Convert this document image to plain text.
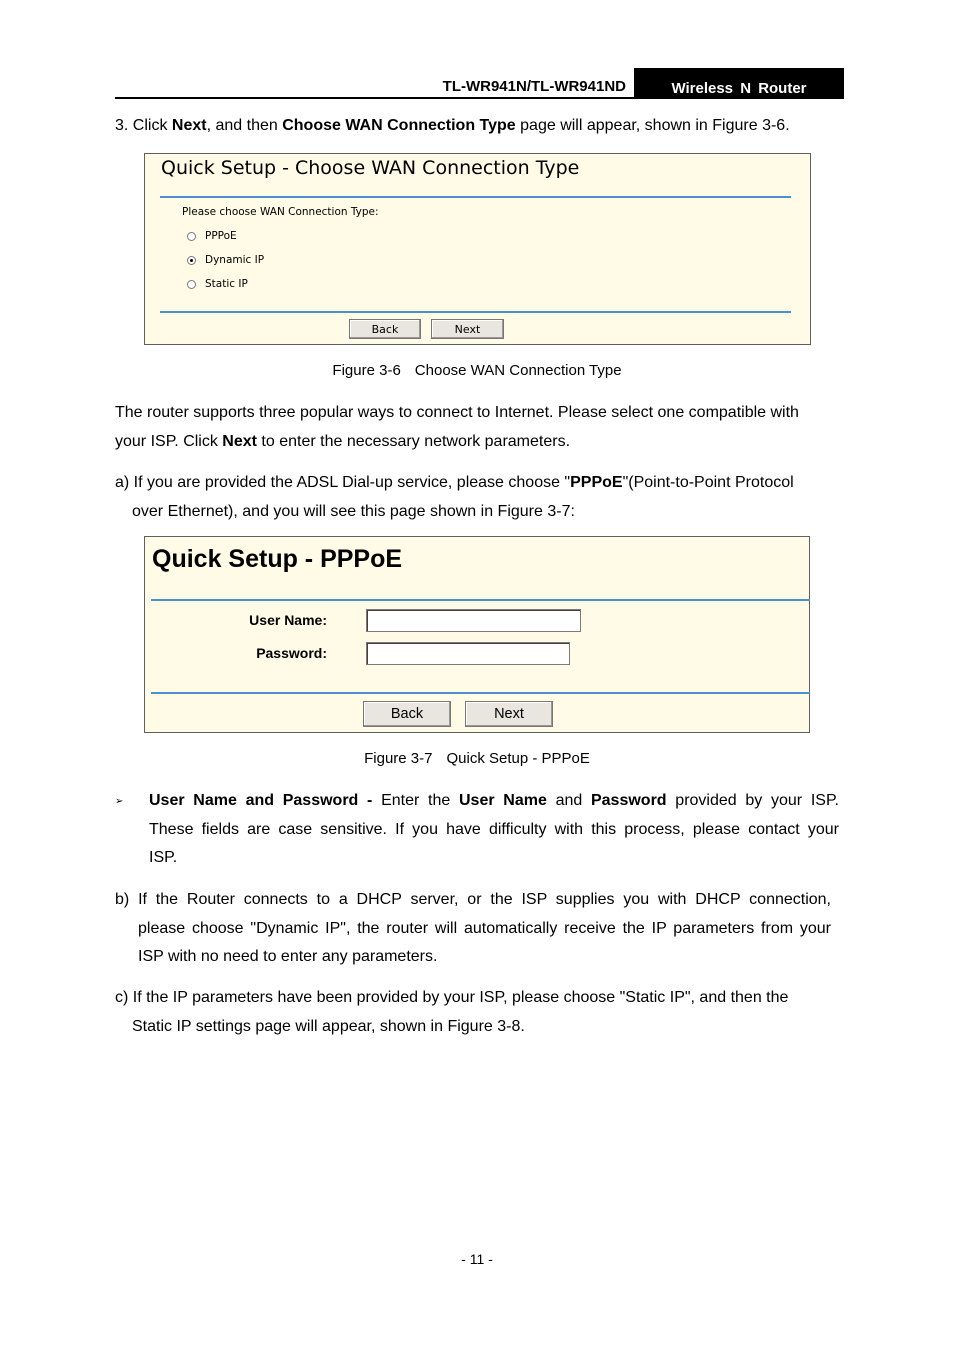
TL-WR941N/TL-WR941ND	Wireless N Router
3. Click Next, and then Choose WAN Connection Type page will appear, shown in Figure 3-6.
Quick Setup - Choose WAN Connection Type
Please choose WAN Connection Type:
PPPoE
Dynamic IP
Static IP
Back	Next
Figure 3-6 Choose WAN Connection Type
The router supports three popular ways to connect to Internet. Please select one compatible with
your ISP. Click Next to enter the necessary network parameters.
a) If you are provided the ADSL Dial-up service, please choose "PPPoE"(Point-to-Point Protocol
over Ethernet), and you will see this page shown in Figure 3-7:
Quick Setup - PPPoE
User Name:
Password:
Back	Next
Figure 3-7 Quick Setup - PPPoE
➢ User Name and Password - Enter the User Name and Password provided by your ISP.
These fields are case sensitive. If you have difficulty with this process, please contact your
ISP.
b) If the Router connects to a DHCP server, or the ISP supplies you with DHCP connection,
please choose "Dynamic IP", the router will automatically receive the IP parameters from your
ISP with no need to enter any parameters.
c) If the IP parameters have been provided by your ISP, please choose "Static IP", and then the
Static IP settings page will appear, shown in Figure 3-8.
- 11 -
